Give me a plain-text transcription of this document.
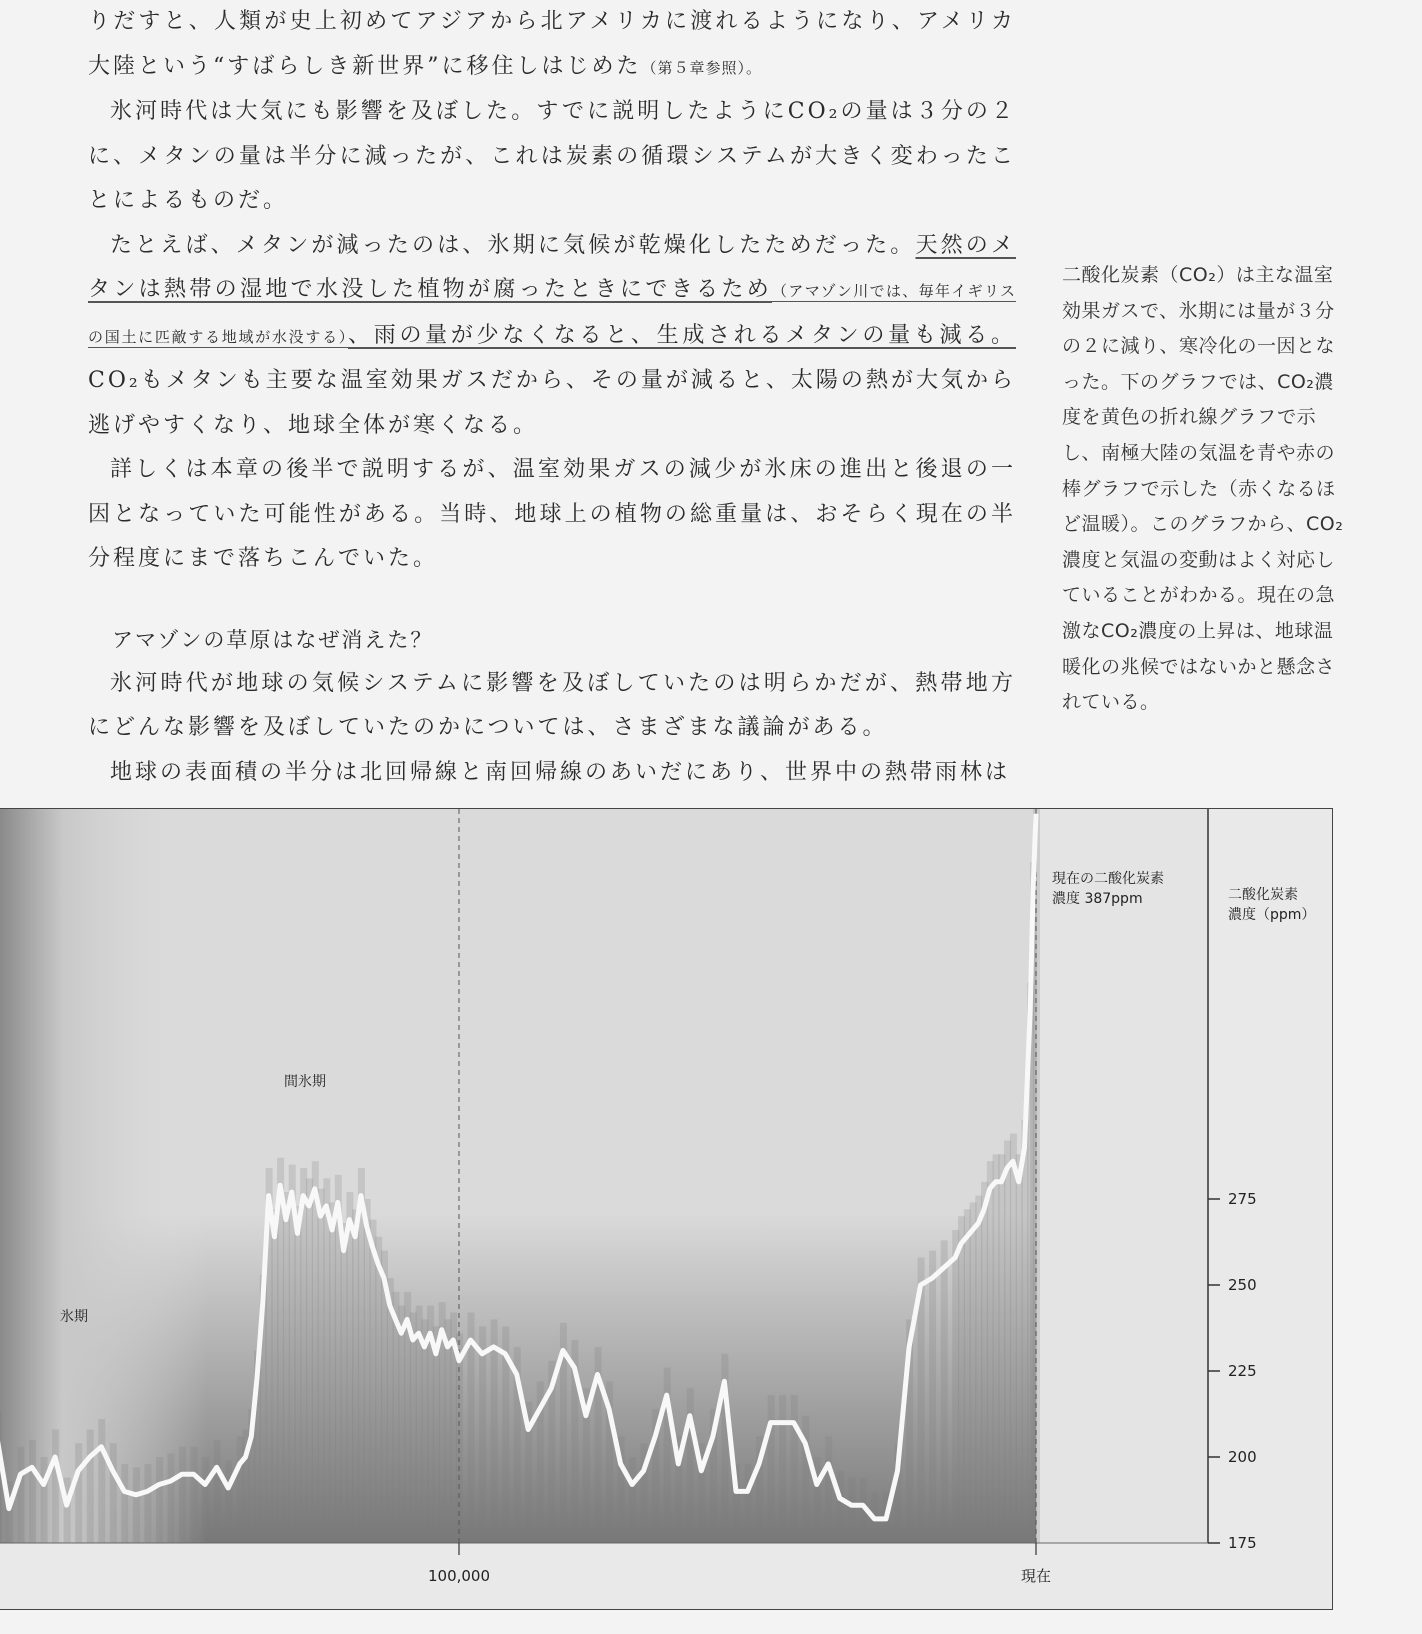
りだすと、人類が史上初めてアジアから北アメリカに渡れるようになり、アメリカ大陸という“すばらしき新世界”に移住しはじめた（第５章参照）。

氷河時代は大気にも影響を及ぼした。すでに説明したようにCO₂の量は３分の２に、メタンの量は半分に減ったが、これは炭素の循環システムが大きく変わったことによるものだ。

たとえば、メタンが減ったのは、氷期に気候が乾燥化したためだった。天然のメタンは熱帯の湿地で水没した植物が腐ったときにできるため（アマゾン川では、毎年イギリスの国土に匹敵する地域が水没する）、雨の量が少なくなると、生成されるメタンの量も減る。CO₂もメタンも主要な温室効果ガスだから、その量が減ると、太陽の熱が大気から逃げやすくなり、地球全体が寒くなる。

詳しくは本章の後半で説明するが、温室効果ガスの減少が氷床の進出と後退の一因となっていた可能性がある。当時、地球上の植物の総重量は、おそらく現在の半分程度にまで落ちこんでいた。

アマゾンの草原はなぜ消えた？

氷河時代が地球の気候システムに影響を及ぼしていたのは明らかだが、熱帯地方にどんな影響を及ぼしていたのかについては、さまざまな議論がある。

地球の表面積の半分は北回帰線と南回帰線のあいだにあり、世界中の熱帯雨林は

二酸化炭素（CO₂）は主な温室効果ガスで、氷期には量が３分の２に減り、寒冷化の一因となった。下のグラフでは、CO₂濃度を黄色の折れ線グラフで示し、南極大陸の気温を青や赤の棒グラフで示した（赤くなるほど温暖）。このグラフから、CO₂濃度と気温の変動はよく対応していることがわかる。現在の急激なCO₂濃度の上昇は、地球温暖化の兆候ではないかと懸念されている。
175
200
225
250
275
100,000	現在
氷期
間氷期
現在の二酸化炭素
濃度 387ppm	二酸化炭素
濃度（ppm）
